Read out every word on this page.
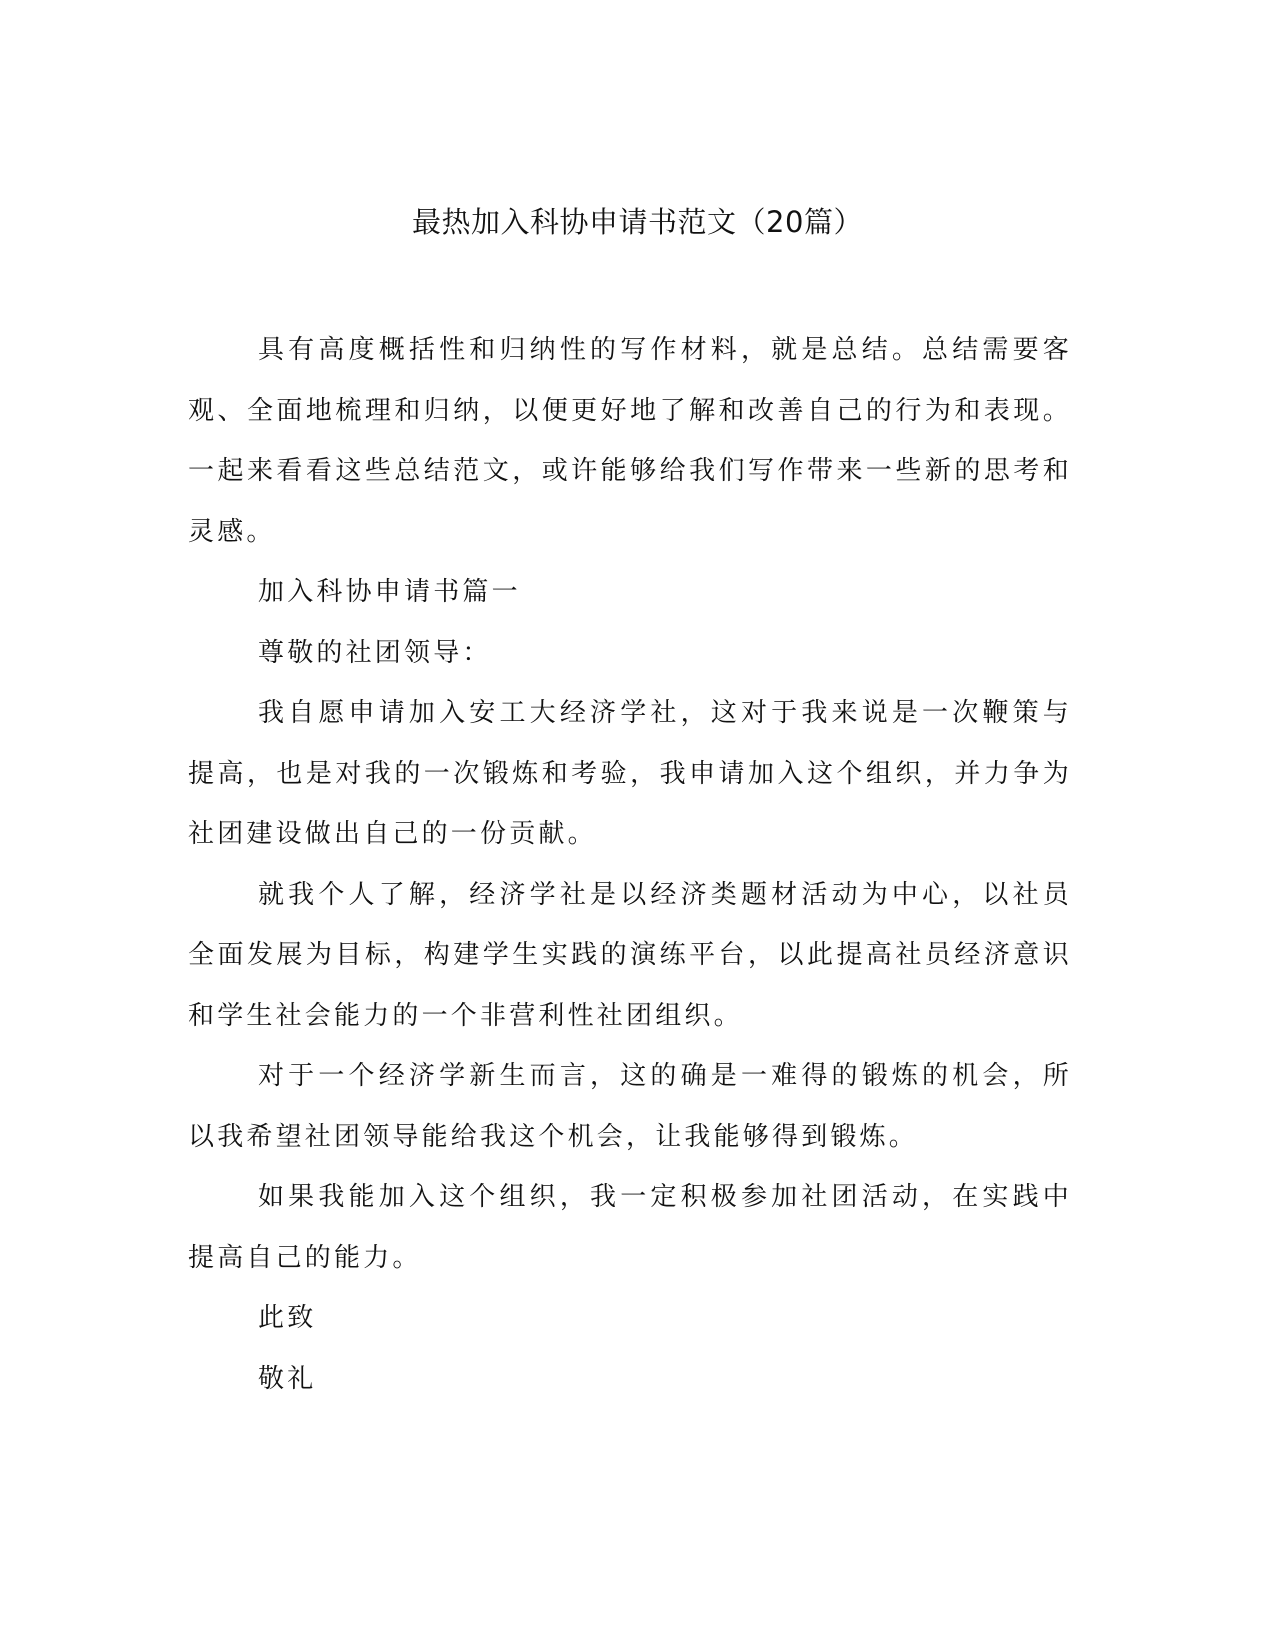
最热加入科协申请书范文（20篇）

具有高度概括性和归纳性的写作材料，就是总结。总结需要客观、全面地梳理和归纳，以便更好地了解和改善自己的行为和表现。一起来看看这些总结范文，或许能够给我们写作带来一些新的思考和灵感。

加入科协申请书篇一

尊敬的社团领导：

我自愿申请加入安工大经济学社，这对于我来说是一次鞭策与提高，也是对我的一次锻炼和考验，我申请加入这个组织，并力争为社团建设做出自己的一份贡献。

就我个人了解，经济学社是以经济类题材活动为中心，以社员全面发展为目标，构建学生实践的演练平台，以此提高社员经济意识和学生社会能力的一个非营利性社团组织。

对于一个经济学新生而言，这的确是一难得的锻炼的机会，所以我希望社团领导能给我这个机会，让我能够得到锻炼。

如果我能加入这个组织，我一定积极参加社团活动，在实践中提高自己的能力。

此致

敬礼
